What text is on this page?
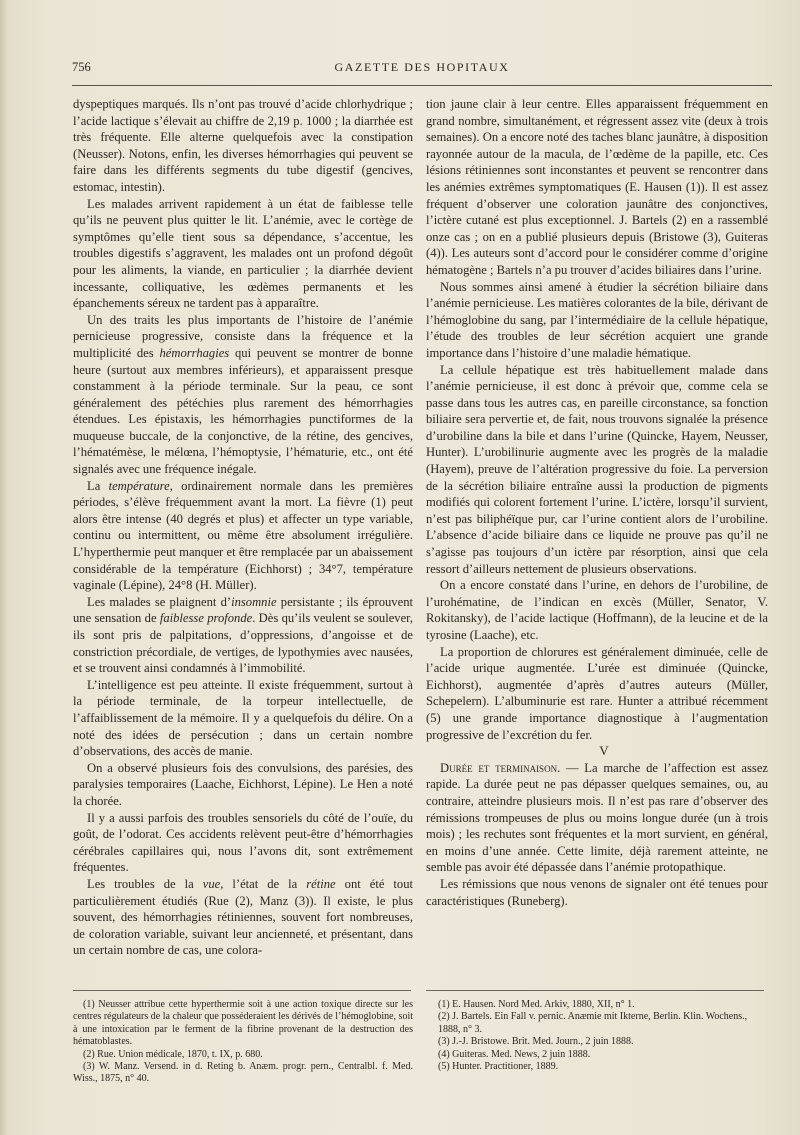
756	GAZETTE DES HOPITAUX

dyspeptiques marqués. Ils n’ont pas trouvé d’acide chlorhydrique ; l’acide lactique s’élevait au chiffre de 2,19 p. 1000 ; la diarrhée est très fréquente. Elle alterne quelquefois avec la constipation (Neusser). Notons, enfin, les diverses hémorrhagies qui peuvent se faire dans les différents segments du tube digestif (gencives, estomac, intestin).

Les malades arrivent rapidement à un état de faiblesse telle qu’ils ne peuvent plus quitter le lit. L’anémie, avec le cortège de symptômes qu’elle tient sous sa dépendance, s’accentue, les troubles digestifs s’aggravent, les malades ont un profond dégoût pour les aliments, la viande, en particulier ; la diarrhée devient incessante, colliquative, les œdèmes permanents et les épanchements séreux ne tardent pas à apparaître.

Un des traits les plus importants de l’histoire de l’anémie pernicieuse progressive, consiste dans la fréquence et la multiplicité des hémorrhagies qui peuvent se montrer de bonne heure (surtout aux membres inférieurs), et apparaissent presque constamment à la période terminale. Sur la peau, ce sont généralement des pétéchies plus rarement des hémorrhagies étendues. Les épistaxis, les hémorrhagies punctiformes de la muqueuse buccale, de la conjonctive, de la rétine, des gencives, l’hématémèse, le mélœna, l’hémoptysie, l’hématurie, etc., ont été signalés avec une fréquence inégale.

La température, ordinairement normale dans les premières périodes, s’élève fréquemment avant la mort. La fièvre (1) peut alors être intense (40 degrés et plus) et affecter un type variable, continu ou intermittent, ou même être absolument irrégulière. L’hyperthermie peut manquer et être remplacée par un abaissement considérable de la température (Eichhorst) ; 34°7, température vaginale (Lépine), 24°8 (H. Müller).

Les malades se plaignent d’insomnie persistante ; ils éprouvent une sensation de faiblesse profonde. Dès qu’ils veulent se soulever, ils sont pris de palpitations, d’oppressions, d’angoisse et de constriction précordiale, de vertiges, de lypothymies avec nausées, et se trouvent ainsi condamnés à l’immobilité.

L’intelligence est peu atteinte. Il existe fréquemment, surtout à la période terminale, de la torpeur intellectuelle, de l’affaiblissement de la mémoire. Il y a quelquefois du délire. On a noté des idées de persécution ; dans un certain nombre d’observations, des accès de manie.

On a observé plusieurs fois des convulsions, des parésies, des paralysies temporaires (Laache, Eichhorst, Lépine). Le Hen a noté la chorée.

Il y a aussi parfois des troubles sensoriels du côté de l’ouïe, du goût, de l’odorat. Ces accidents relèvent peut-être d’hémorrhagies cérébrales capillaires qui, nous l’avons dit, sont extrêmement fréquentes.

Les troubles de la vue, l’état de la rétine ont été tout particulièrement étudiés (Rue (2), Manz (3)). Il existe, le plus souvent, des hémorrhagies rétiniennes, souvent fort nombreuses, de coloration variable, suivant leur ancienneté, et présentant, dans un certain nombre de cas, une colora-

tion jaune clair à leur centre. Elles apparaissent fréquemment en grand nombre, simultanément, et régressent assez vite (deux à trois semaines). On a encore noté des taches blanc jaunâtre, à disposition rayonnée autour de la macula, de l’œdème de la papille, etc. Ces lésions rétiniennes sont inconstantes et peuvent se rencontrer dans les anémies extrêmes symptomatiques (E. Hausen (1)). Il est assez fréquent d’observer une coloration jaunâtre des conjonctives, l’ictère cutané est plus exceptionnel. J. Bartels (2) en a rassemblé onze cas ; on en a publié plusieurs depuis (Bristowe (3), Guiteras (4)). Les auteurs sont d’accord pour le considérer comme d’origine hématogène ; Bartels n’a pu trouver d’acides biliaires dans l’urine.

Nous sommes ainsi amené à étudier la sécrétion biliaire dans l’anémie pernicieuse. Les matières colorantes de la bile, dérivant de l’hémoglobine du sang, par l’intermédiaire de la cellule hépatique, l’étude des troubles de leur sécrétion acquiert une grande importance dans l’histoire d’une maladie hématique.

La cellule hépatique est très habituellement malade dans l’anémie pernicieuse, il est donc à prévoir que, comme cela se passe dans tous les autres cas, en pareille circonstance, sa fonction biliaire sera pervertie et, de fait, nous trouvons signalée la présence d’urobiline dans la bile et dans l’urine (Quincke, Hayem, Neusser, Hunter). L’urobilinurie augmente avec les progrès de la maladie (Hayem), preuve de l’altération progressive du foie. La perversion de la sécrétion biliaire entraîne aussi la production de pigments modifiés qui colorent fortement l’urine. L’ictère, lorsqu’il survient, n’est pas biliphéïque pur, car l’urine contient alors de l’urobiline. L’absence d’acide biliaire dans ce liquide ne prouve pas qu’il ne s’agisse pas toujours d’un ictère par résorption, ainsi que cela ressort d’ailleurs nettement de plusieurs observations.

On a encore constaté dans l’urine, en dehors de l’urobiline, de l’urohématine, de l’indican en excès (Müller, Senator, V. Rokitansky), de l’acide lactique (Hoffmann), de la leucine et de la tyrosine (Laache), etc.

La proportion de chlorures est généralement diminuée, celle de l’acide urique augmentée. L’urée est diminuée (Quincke, Eichhorst), augmentée d’après d’autres auteurs (Müller, Schepelern). L’albuminurie est rare. Hunter a attribué récemment (5) une grande importance diagnostique à l’augmentation progressive de l’excrétion du fer.

V

Durée et terminaison. — La marche de l’affection est assez rapide. La durée peut ne pas dépasser quelques semaines, ou, au contraire, atteindre plusieurs mois. Il n’est pas rare d’observer des rémissions trompeuses de plus ou moins longue durée (un à trois mois) ; les rechutes sont fréquentes et la mort survient, en général, en moins d’une année. Cette limite, déjà rarement atteinte, ne semble pas avoir été dépassée dans l’anémie protopathique.

Les rémissions que nous venons de signaler ont été tenues pour caractéristiques (Runeberg).

(1) Neusser attribue cette hyperthermie soit à une action toxique directe sur les centres régulateurs de la chaleur que posséderaient les dérivés de l’hémoglobine, soit à une intoxication par le ferment de la fibrine provenant de la destruction des hématoblastes.

(2) Rue. Union médicale, 1870, t. IX, p. 680.

(3) W. Manz. Versend. in d. Reting b. Anæm. progr. pern., Centralbl. f. Med. Wiss., 1875, n° 40.

(1) E. Hausen. Nord Med. Arkiv, 1880, XII, n° 1.

(2) J. Bartels. Ein Fall v. pernic. Anæmie mit Ikterne, Berlin. Klin. Wochens., 1888, n° 3.

(3) J.-J. Bristowe. Brit. Med. Journ., 2 juin 1888.

(4) Guiteras. Med. News, 2 juin 1888.

(5) Hunter. Practitioner, 1889.
